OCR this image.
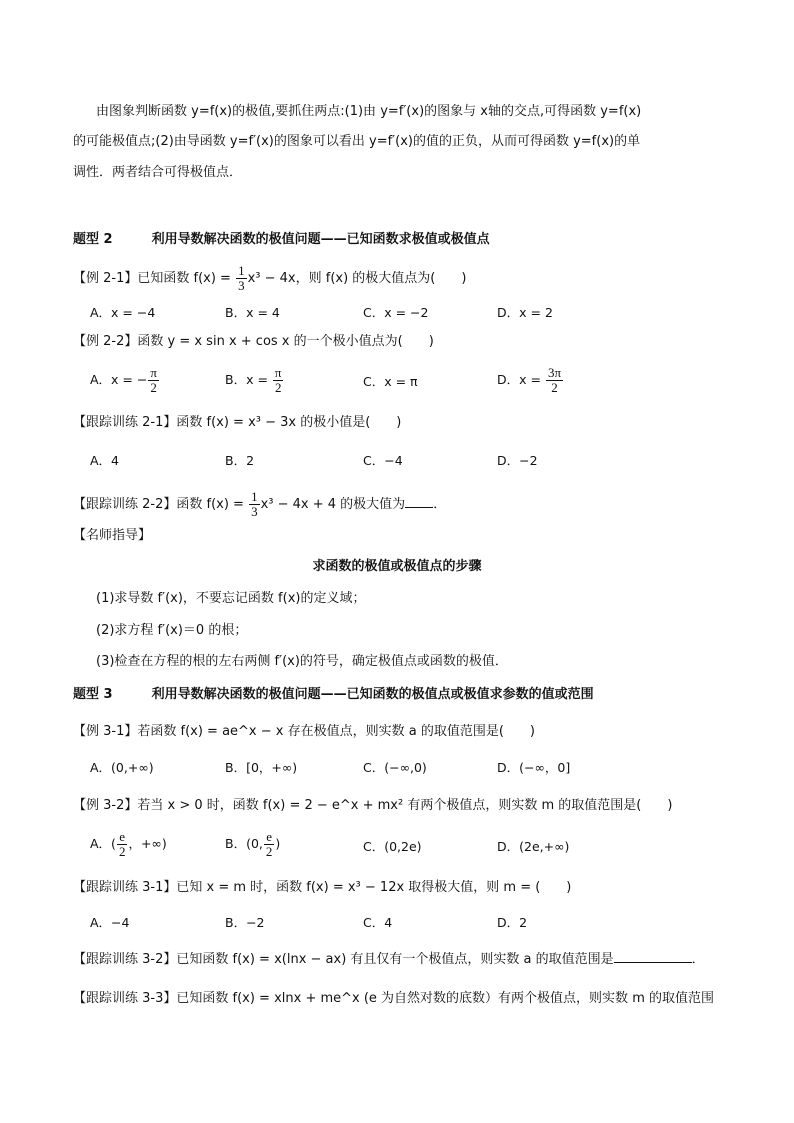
由图象判断函数 y=f(x)的极值,要抓住两点:(1)由 y=f′(x)的图象与 x轴的交点,可得函数 y=f(x)
的可能极值点;(2)由导函数 y=f′(x)的图象可以看出 y=f′(x)的值的正负，从而可得函数 y=f(x)的单
调性．两者结合可得极值点．
题型 2	利用导数解决函数的极值问题——已知函数求极值或极值点
【例 2-1】已知函数 $f(x) = \frac{1}{3} x^3 - 4x$，则 f(x) 的极大值点为(　　)
A．x = −4	B．x = 4	C．x = −2	D．x = 2
【例 2-2】函数 y = x sin x + cos x 的一个极小值点为(　　)
A．x = − $\frac{\pi}{2}$	B．$x = \frac{\pi}{2}$	C．x = π	D．$x = \frac{3\pi}{2}$
【跟踪训练 2-1】函数 f(x) = x³ − 3x 的极小值是(　　)
A．4	B．2	C．−4	D．−2
【跟踪训练 2-2】函数 $f(x) = \frac{1}{3} x^3 - 4x + 4$ 的极大值为 ．
【名师指导】
求函数的极值或极值点的步骤
(1)求导数 f′(x)，不要忘记函数 f(x)的定义域；
(2)求方程 f′(x)＝0 的根；
(3)检查在方程的根的左右两侧 f′(x)的符号，确定极值点或函数的极值．
题型 3	利用导数解决函数的极值问题——已知函数的极值点或极值求参数的值或范围
【例 3-1】若函数 f(x) = ae^x − x 存在极值点，则实数 a 的取值范围是(　　)
A．(0,+∞)	B．[0，+∞)	C．(−∞,0)	D．(−∞，0]
【例 3-2】若当 x > 0 时，函数 f(x) = 2 − e^x + mx² 有两个极值点，则实数 m 的取值范围是(　　)
A．( $\frac{e}{2}$ ，+∞)	B．(0, $\frac{e}{2}$ )	C．(0,2e)	D．(2e,+∞)
【跟踪训练 3-1】已知 x = m 时，函数 f(x) = x³ − 12x 取得极大值，则 m = (　　)
A．−4	B．−2	C．4	D．2
【跟踪训练 3-2】已知函数 f(x) = x(lnx − ax) 有且仅有一个极值点，则实数 a 的取值范围是	．
【跟踪训练 3-3】已知函数 f(x) = xlnx + me^x (e 为自然对数的底数）有两个极值点，则实数 m 的取值范围
